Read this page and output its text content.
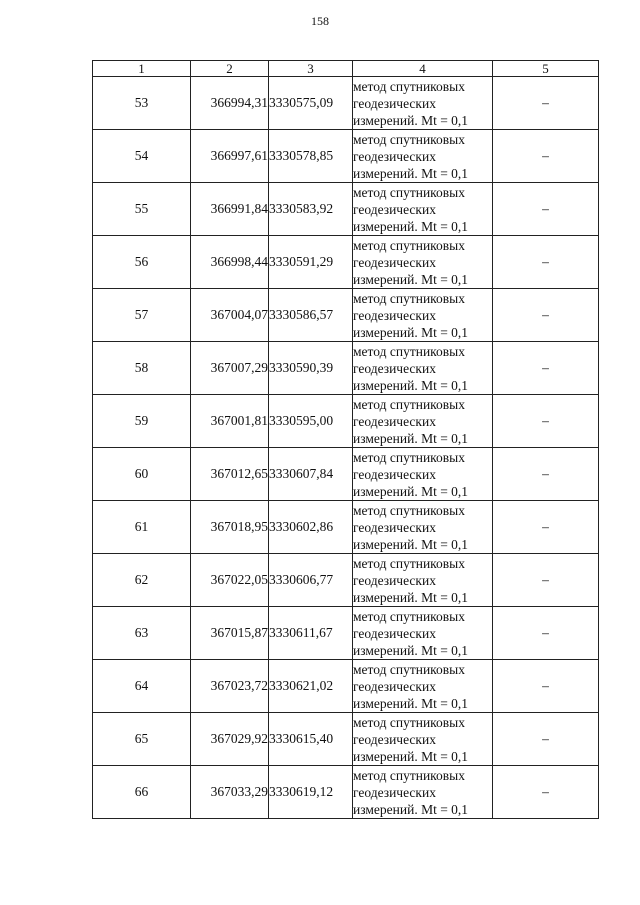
158
1	2	3	4	5
53	366994,31	3330575,09	метод спутниковых
геодезических
измерений. Mt = 0,1	–
54	366997,61	3330578,85	метод спутниковых
геодезических
измерений. Mt = 0,1	–
55	366991,84	3330583,92	метод спутниковых
геодезических
измерений. Mt = 0,1	–
56	366998,44	3330591,29	метод спутниковых
геодезических
измерений. Mt = 0,1	–
57	367004,07	3330586,57	метод спутниковых
геодезических
измерений. Mt = 0,1	–
58	367007,29	3330590,39	метод спутниковых
геодезических
измерений. Mt = 0,1	–
59	367001,81	3330595,00	метод спутниковых
геодезических
измерений. Mt = 0,1	–
60	367012,65	3330607,84	метод спутниковых
геодезических
измерений. Mt = 0,1	–
61	367018,95	3330602,86	метод спутниковых
геодезических
измерений. Mt = 0,1	–
62	367022,05	3330606,77	метод спутниковых
геодезических
измерений. Mt = 0,1	–
63	367015,87	3330611,67	метод спутниковых
геодезических
измерений. Mt = 0,1	–
64	367023,72	3330621,02	метод спутниковых
геодезических
измерений. Mt = 0,1	–
65	367029,92	3330615,40	метод спутниковых
геодезических
измерений. Mt = 0,1	–
66	367033,29	3330619,12	метод спутниковых
геодезических
измерений. Mt = 0,1	–
